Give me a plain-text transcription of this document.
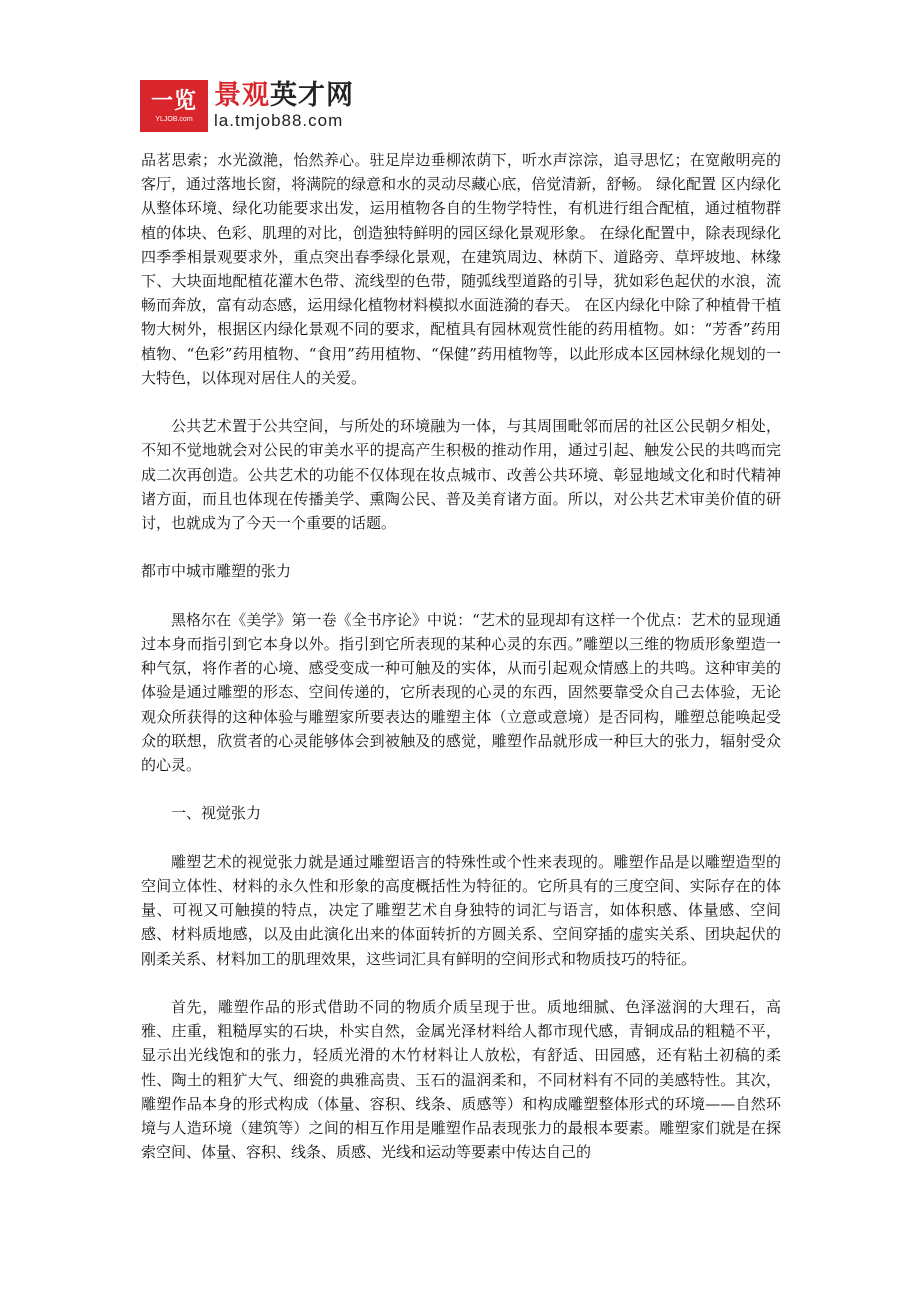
一览
YLJOB.com
景观英才网
la.tmjob88.com

品茗思索；水光潋滟，怡然养心。驻足岸边垂柳浓荫下，听水声淙淙，追寻思忆；在宽敞明亮的客厅，通过落地长窗，将满院的绿意和水的灵动尽藏心底，倍觉清新，舒畅。 绿化配置 区内绿化从整体环境、绿化功能要求出发，运用植物各自的生物学特性，有机进行组合配植，通过植物群植的体块、色彩、肌理的对比，创造独特鲜明的园区绿化景观形象。 在绿化配置中，除表现绿化四季季相景观要求外，重点突出春季绿化景观，在建筑周边、林荫下、道路旁、草坪坡地、林缘下、大块面地配植花灌木色带、流线型的色带，随弧线型道路的引导，犹如彩色起伏的水浪，流畅而奔放，富有动态感，运用绿化植物材料模拟水面涟漪的春天。 在区内绿化中除了种植骨干植物大树外，根据区内绿化景观不同的要求，配植具有园林观赏性能的药用植物。如：“芳香”药用植物、“色彩”药用植物、“食用”药用植物、“保健”药用植物等，以此形成本区园林绿化规划的一大特色，以体现对居住人的关爱。

公共艺术置于公共空间，与所处的环境融为一体，与其周围毗邻而居的社区公民朝夕相处，不知不觉地就会对公民的审美水平的提高产生积极的推动作用，通过引起、触发公民的共鸣而完成二次再创造。公共艺术的功能不仅体现在妆点城市、改善公共环境、彰显地域文化和时代精神诸方面，而且也体现在传播美学、熏陶公民、普及美育诸方面。所以，对公共艺术审美价值的研讨，也就成为了今天一个重要的话题。

都市中城市雕塑的张力

黑格尔在《美学》第一卷《全书序论》中说：“艺术的显现却有这样一个优点：艺术的显现通过本身而指引到它本身以外。指引到它所表现的某种心灵的东西。”雕塑以三维的物质形象塑造一种气氛，将作者的心境、感受变成一种可触及的实体，从而引起观众情感上的共鸣。这种审美的体验是通过雕塑的形态、空间传递的，它所表现的心灵的东西，固然要靠受众自己去体验，无论观众所获得的这种体验与雕塑家所要表达的雕塑主体（立意或意境）是否同构，雕塑总能唤起受众的联想，欣赏者的心灵能够体会到被触及的感觉，雕塑作品就形成一种巨大的张力，辐射受众的心灵。

一、视觉张力

雕塑艺术的视觉张力就是通过雕塑语言的特殊性或个性来表现的。雕塑作品是以雕塑造型的空间立体性、材料的永久性和形象的高度概括性为特征的。它所具有的三度空间、实际存在的体量、可视又可触摸的特点，决定了雕塑艺术自身独特的词汇与语言，如体积感、体量感、空间感、材料质地感，以及由此演化出来的体面转折的方圆关系、空间穿插的虚实关系、团块起伏的刚柔关系、材料加工的肌理效果，这些词汇具有鲜明的空间形式和物质技巧的特征。

首先，雕塑作品的形式借助不同的物质介质呈现于世。质地细腻、色泽滋润的大理石，高雅、庄重，粗糙厚实的石块，朴实自然，金属光泽材料给人都市现代感，青铜成品的粗糙不平，显示出光线饱和的张力，轻质光滑的木竹材料让人放松，有舒适、田园感，还有粘土初稿的柔性、陶土的粗犷大气、细瓷的典雅高贵、玉石的温润柔和，不同材料有不同的美感特性。其次，雕塑作品本身的形式构成（体量、容积、线条、质感等）和构成雕塑整体形式的环境——自然环境与人造环境（建筑等）之间的相互作用是雕塑作品表现张力的最根本要素。雕塑家们就是在探索空间、体量、容积、线条、质感、光线和运动等要素中传达自己的
